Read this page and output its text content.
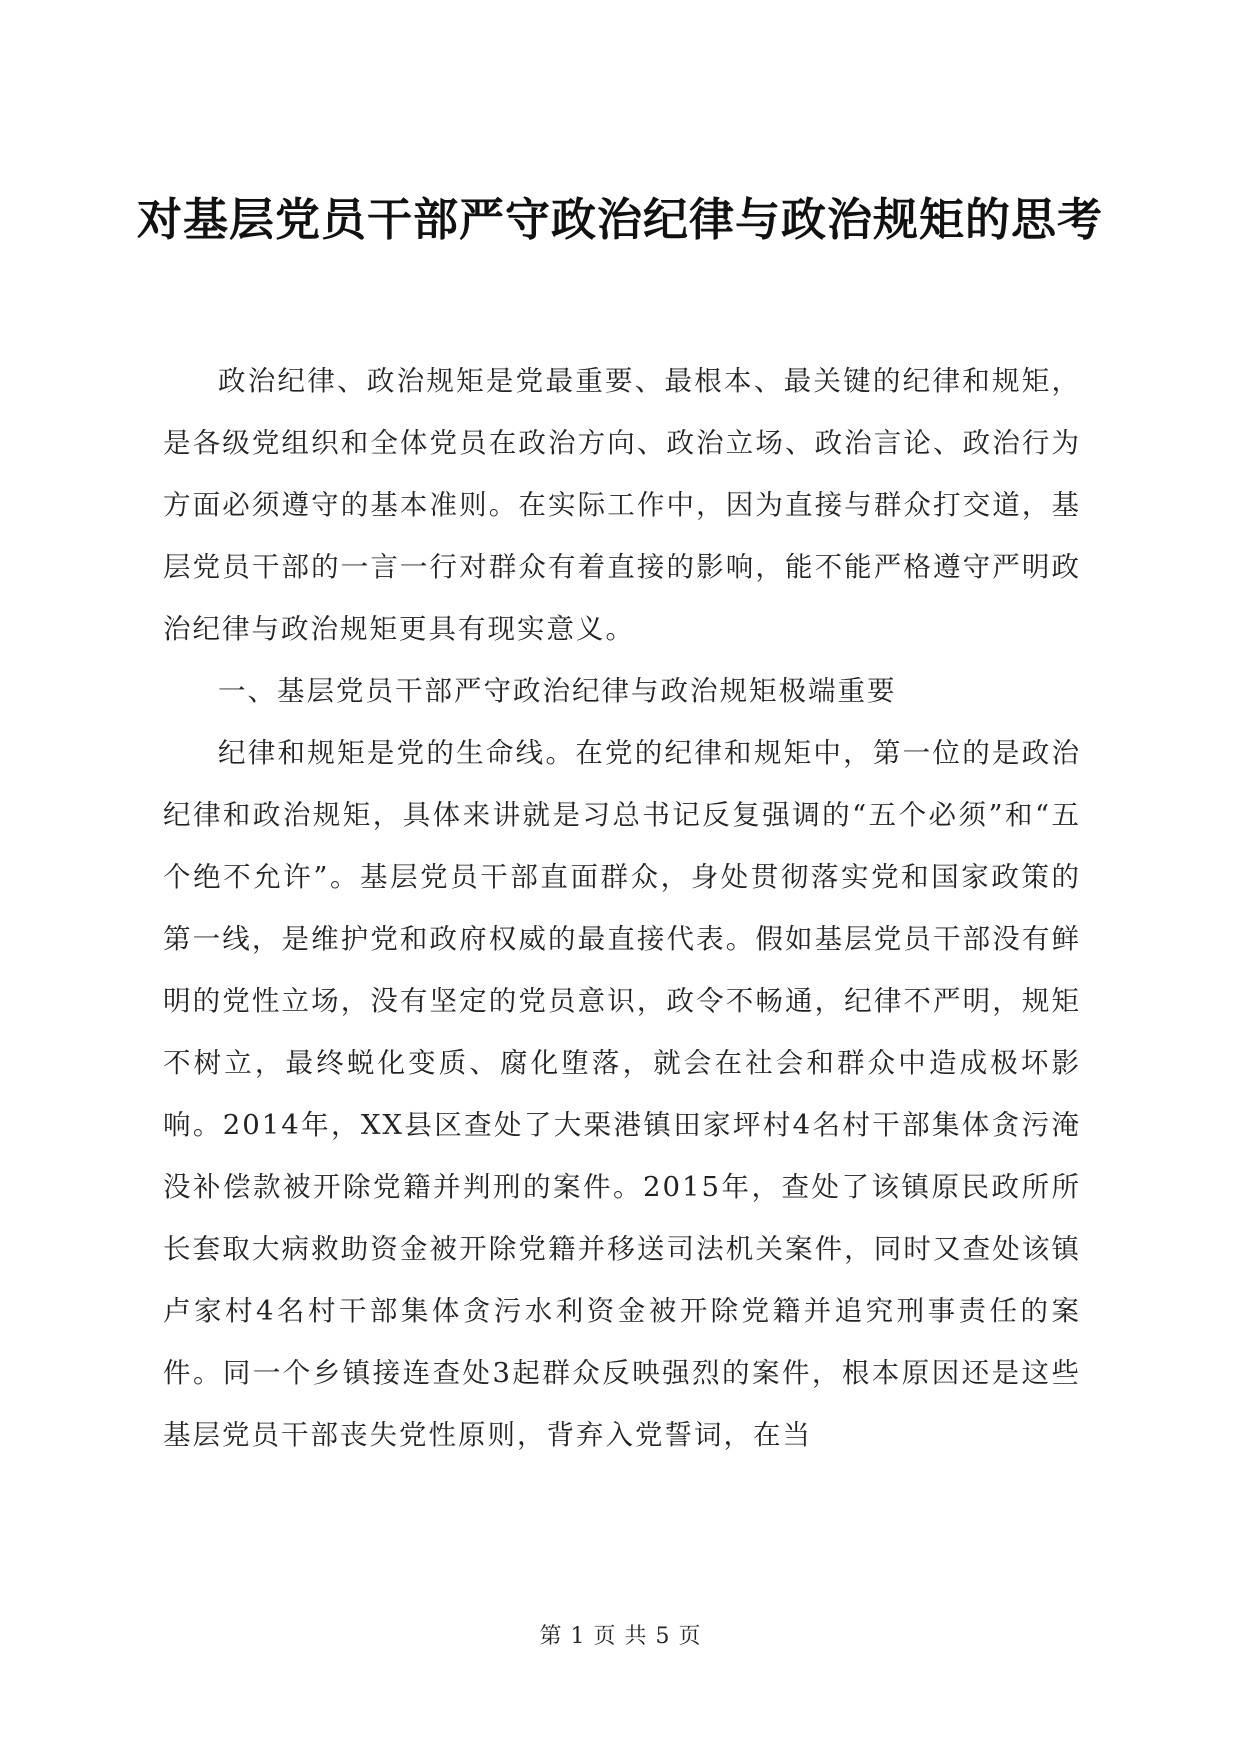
对基层党员干部严守政治纪律与政治规矩的思考

政治纪律、政治规矩是党最重要、最根本、最关键的纪律和规矩，是各级党组织和全体党员在政治方向、政治立场、政治言论、政治行为方面必须遵守的基本准则。在实际工作中，因为直接与群众打交道，基层党员干部的一言一行对群众有着直接的影响，能不能严格遵守严明政治纪律与政治规矩更具有现实意义。

一、基层党员干部严守政治纪律与政治规矩极端重要

纪律和规矩是党的生命线。在党的纪律和规矩中，第一位的是政治纪律和政治规矩，具体来讲就是习总书记反复强调的“五个必须”和“五个绝不允许”。基层党员干部直面群众，身处贯彻落实党和国家政策的第一线，是维护党和政府权威的最直接代表。假如基层党员干部没有鲜明的党性立场，没有坚定的党员意识，政令不畅通，纪律不严明，规矩不树立，最终蜕化变质、腐化堕落，就会在社会和群众中造成极坏影响。2014年，XX县区查处了大栗港镇田家坪村4名村干部集体贪污淹没补偿款被开除党籍并判刑的案件。2015年，查处了该镇原民政所所长套取大病救助资金被开除党籍并移送司法机关案件，同时又查处该镇卢家村4名村干部集体贪污水利资金被开除党籍并追究刑事责任的案件。同一个乡镇接连查处3起群众反映强烈的案件，根本原因还是这些基层党员干部丧失党性原则，背弃入党誓词，在当

第 1 页 共 5 页
